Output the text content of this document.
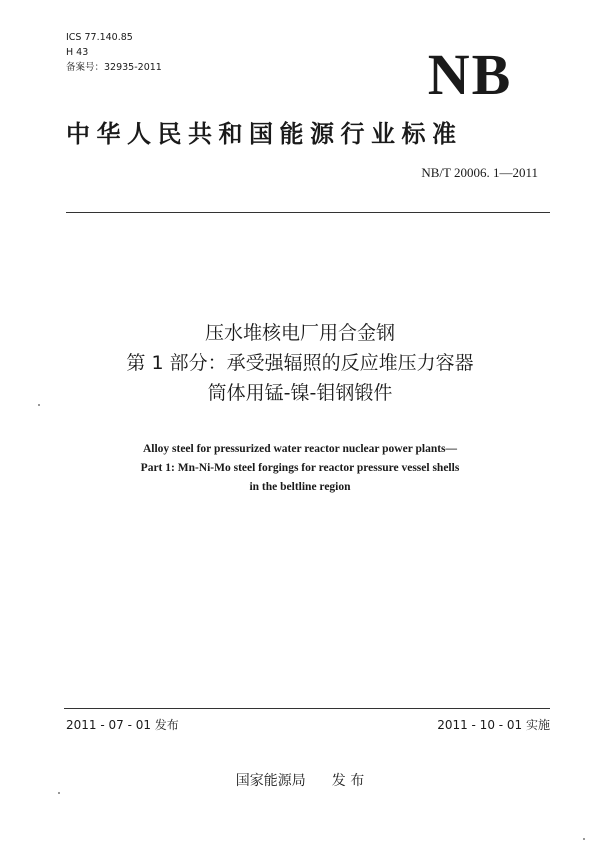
ICS 77.140.85
H 43
备案号：32935-2011	NB
中华人民共和国能源行业标准
NB/T 20006. 1—2011
压水堆核电厂用合金钢
第 1 部分：承受强辐照的反应堆压力容器
筒体用锰-镍-钼钢锻件
Alloy steel for pressurized water reactor nuclear power plants—
Part 1: Mn-Ni-Mo steel forgings for reactor pressure vessel shells
in the beltline region
2011 - 07 - 01 发布	2011 - 10 - 01 实施
国家能源局 发 布
